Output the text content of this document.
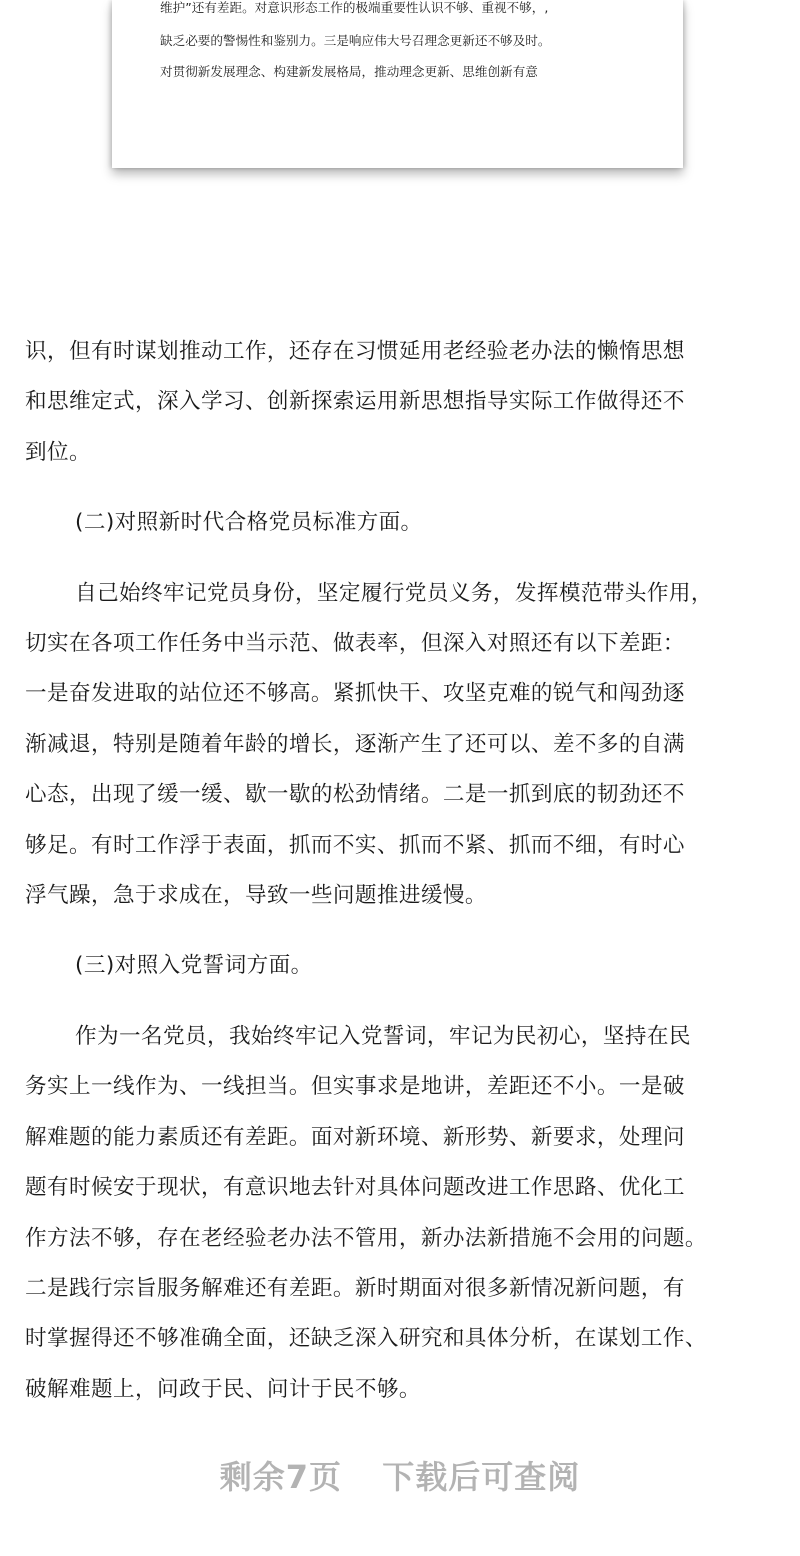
维护”还有差距。对意识形态工作的极端重要性认识不够、重视不够，,

缺乏必要的警惕性和鉴别力。三是响应伟大号召理念更新还不够及时。

对贯彻新发展理念、构建新发展格局，推动理念更新、思维创新有意

识，但有时谋划推动工作，还存在习惯延用老经验老办法的懒惰思想

和思维定式，深入学习、创新探索运用新思想指导实际工作做得还不

到位。

(二)对照新时代合格党员标准方面。

自己始终牢记党员身份，坚定履行党员义务，发挥模范带头作用，

切实在各项工作任务中当示范、做表率，但深入对照还有以下差距：

一是奋发进取的站位还不够高。紧抓快干、攻坚克难的锐气和闯劲逐

渐减退，特别是随着年龄的增长，逐渐产生了还可以、差不多的自满

心态，出现了缓一缓、歇一歇的松劲情绪。二是一抓到底的韧劲还不

够足。有时工作浮于表面，抓而不实、抓而不紧、抓而不细，有时心

浮气躁，急于求成在，导致一些问题推进缓慢。

(三)对照入党誓词方面。

作为一名党员，我始终牢记入党誓词，牢记为民初心，坚持在民

务实上一线作为、一线担当。但实事求是地讲，差距还不小。一是破

解难题的能力素质还有差距。面对新环境、新形势、新要求，处理问

题有时候安于现状，有意识地去针对具体问题改进工作思路、优化工

作方法不够，存在老经验老办法不管用，新办法新措施不会用的问题。

二是践行宗旨服务解难还有差距。新时期面对很多新情况新问题，有

时掌握得还不够准确全面，还缺乏深入研究和具体分析，在谋划工作、

破解难题上，问政于民、问计于民不够。

剩余7页  下载后可查阅
